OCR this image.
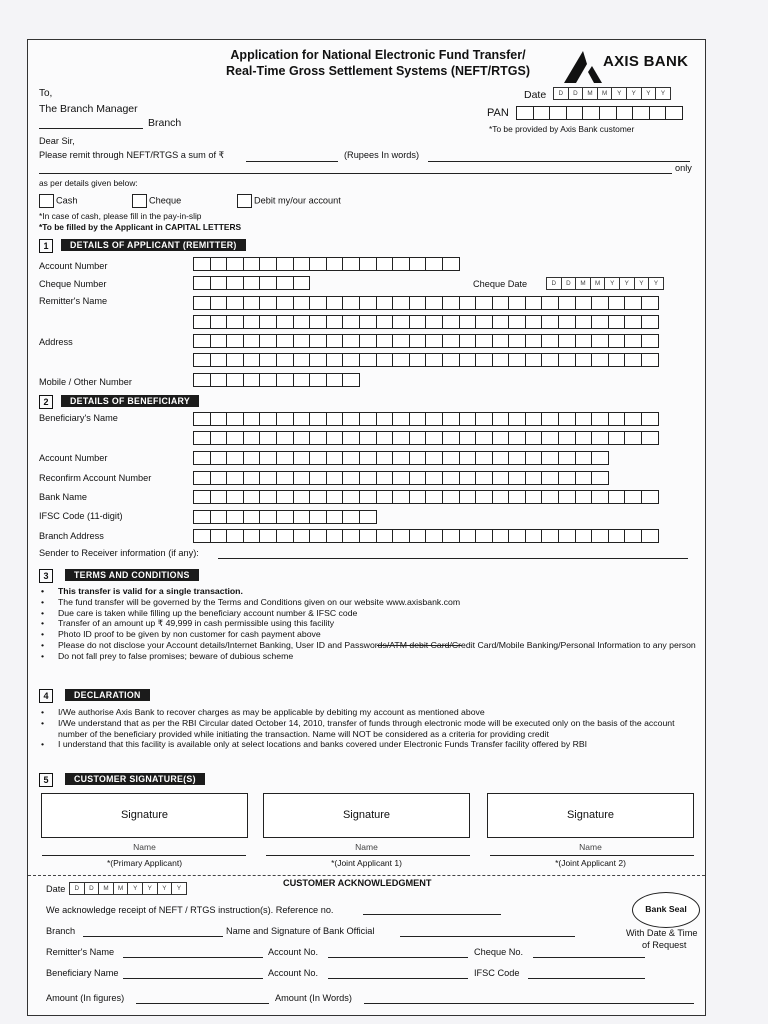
Application for National Electronic Fund Transfer/
Real-Time Gross Settlement Systems (NEFT/RTGS)
AXIS BANK
To,
The Branch Manager
Branch
Date	D	D	M	M	Y	Y	Y	Y
PAN
*To be provided by Axis Bank customer
Dear Sir,
Please remit through NEFT/RTGS a sum of ₹	(Rupees In words)
only
as per details given below:
Cash	Cheque	Debit my/our account
*In case of cash, please fill in the pay-in-slip
*To be filled by the Applicant in CAPITAL LETTERS
1	DETAILS OF APPLICANT (REMITTER)
Account Number
Cheque Number	Cheque Date	D	D	M	M	Y	Y	Y	Y
Remitter's Name
Address
Mobile / Other Number
2	DETAILS OF BENEFICIARY
Beneficiary's Name
Account Number
Reconfirm Account Number
Bank Name
IFSC Code (11-digit)
Branch Address
Sender to Receiver information (if any):
3	TERMS AND CONDITIONS
• This transfer is valid for a single transaction.
• The fund transfer will be governed by the Terms and Conditions given on our website www.axisbank.com
• Due care is taken while filling up the beneficiary account number & IFSC code
• Transfer of an amount up ₹ 49,999 in cash permissible using this facility
• Photo ID proof to be given by non customer for cash payment above
• Please do not disclose your Account details/Internet Banking, User ID and Passwords/ATM debit Card/Credit Card/Mobile Banking/Personal Information to any person
• Do not fall prey to false promises; beware of dubious scheme
4	DECLARATION
• I/We authorise Axis Bank to recover charges as may be applicable by debiting my account as mentioned above
• I/We understand that as per the RBI Circular dated October 14, 2010, transfer of funds through electronic mode will be executed only on the basis of the account number of the beneficiary provided while initiating the transaction. Name will NOT be considered as a criteria for providing credit
• I understand that this facility is available only at select locations and banks covered under Electronic Funds Transfer facility offered by RBI
5	CUSTOMER SIGNATURE(S)
Signature	Signature	Signature
Name	Name	Name
*(Primary Applicant)	*(Joint Applicant 1)	*(Joint Applicant 2)
CUSTOMER ACKNOWLEDGMENT
Date	D	D	M	M	Y	Y	Y	Y
We acknowledge receipt of NEFT / RTGS instruction(s). Reference no.
Branch	Name and Signature of Bank Official
Remitter's Name	Account No.	Cheque No.
Beneficiary Name	Account No.	IFSC Code
Amount (In figures)	Amount (In Words)
Bank Seal
With Date & Time
of Request
